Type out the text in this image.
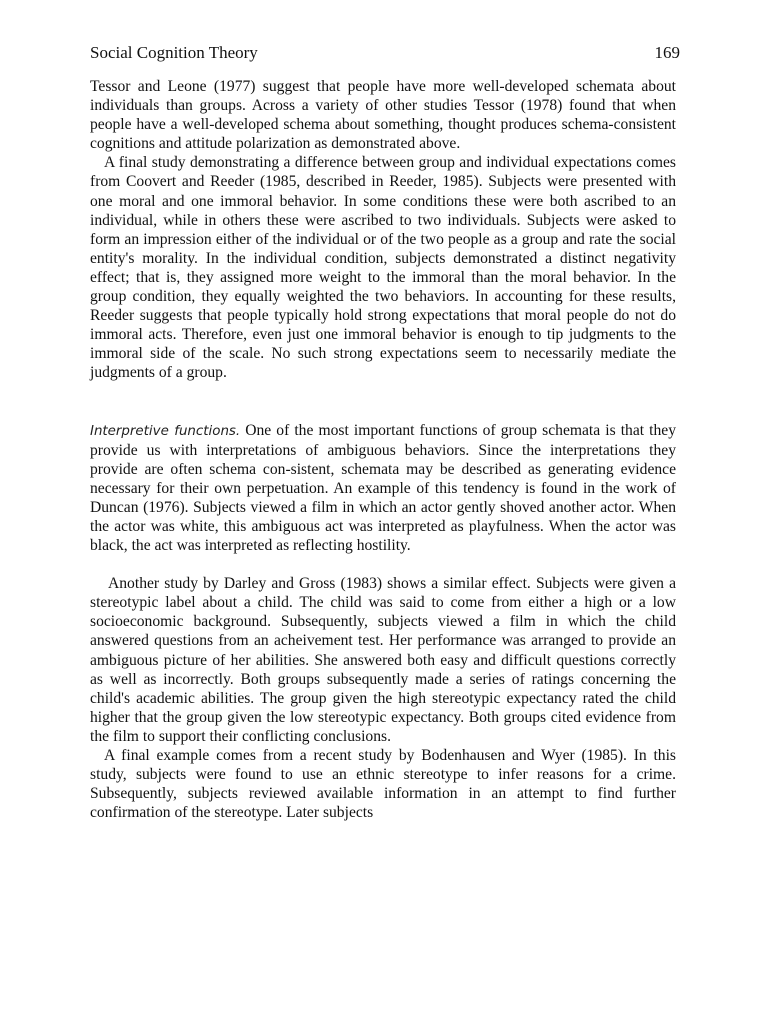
Social Cognition Theory	169

Tessor and Leone (1977) suggest that people have more well-developed schemata about individuals than groups. Across a variety of other studies Tessor (1978) found that when people have a well-developed schema about something, thought produces schema-consistent cognitions and attitude polarization as demonstrated above.

A final study demonstrating a difference between group and individual expectations comes from Coovert and Reeder (1985, described in Reeder, 1985). Subjects were presented with one moral and one immoral behavior. In some conditions these were both ascribed to an individual, while in others these were ascribed to two individuals. Subjects were asked to form an impression either of the individual or of the two people as a group and rate the social entity's morality. In the individual condition, subjects demonstrated a distinct negativity effect; that is, they assigned more weight to the immoral than the moral behavior. In the group condition, they equally weighted the two behaviors. In accounting for these results, Reeder suggests that people typically hold strong expectations that moral people do not do immoral acts. Therefore, even just one immoral behavior is enough to tip judgments to the immoral side of the scale. No such strong expectations seem to necessarily mediate the judgments of a group.

Interpretive functions. One of the most important functions of group schemata is that they provide us with interpretations of ambiguous behaviors. Since the interpretations they provide are often schema con-sistent, schemata may be described as generating evidence necessary for their own perpetuation. An example of this tendency is found in the work of Duncan (1976). Subjects viewed a film in which an actor gently shoved another actor. When the actor was white, this ambiguous act was interpreted as playfulness. When the actor was black, the act was interpreted as reflecting hostility.

Another study by Darley and Gross (1983) shows a similar effect. Subjects were given a stereotypic label about a child. The child was said to come from either a high or a low socioeconomic background. Subsequently, subjects viewed a film in which the child answered questions from an acheivement test. Her performance was arranged to provide an ambiguous picture of her abilities. She answered both easy and difficult questions correctly as well as incorrectly. Both groups subsequently made a series of ratings concerning the child's academic abilities. The group given the high stereotypic expectancy rated the child higher that the group given the low stereotypic expectancy. Both groups cited evidence from the film to support their conflicting conclusions.

A final example comes from a recent study by Bodenhausen and Wyer (1985). In this study, subjects were found to use an ethnic stereotype to infer reasons for a crime. Subsequently, subjects reviewed available information in an attempt to find further confirmation of the stereotype. Later subjects
